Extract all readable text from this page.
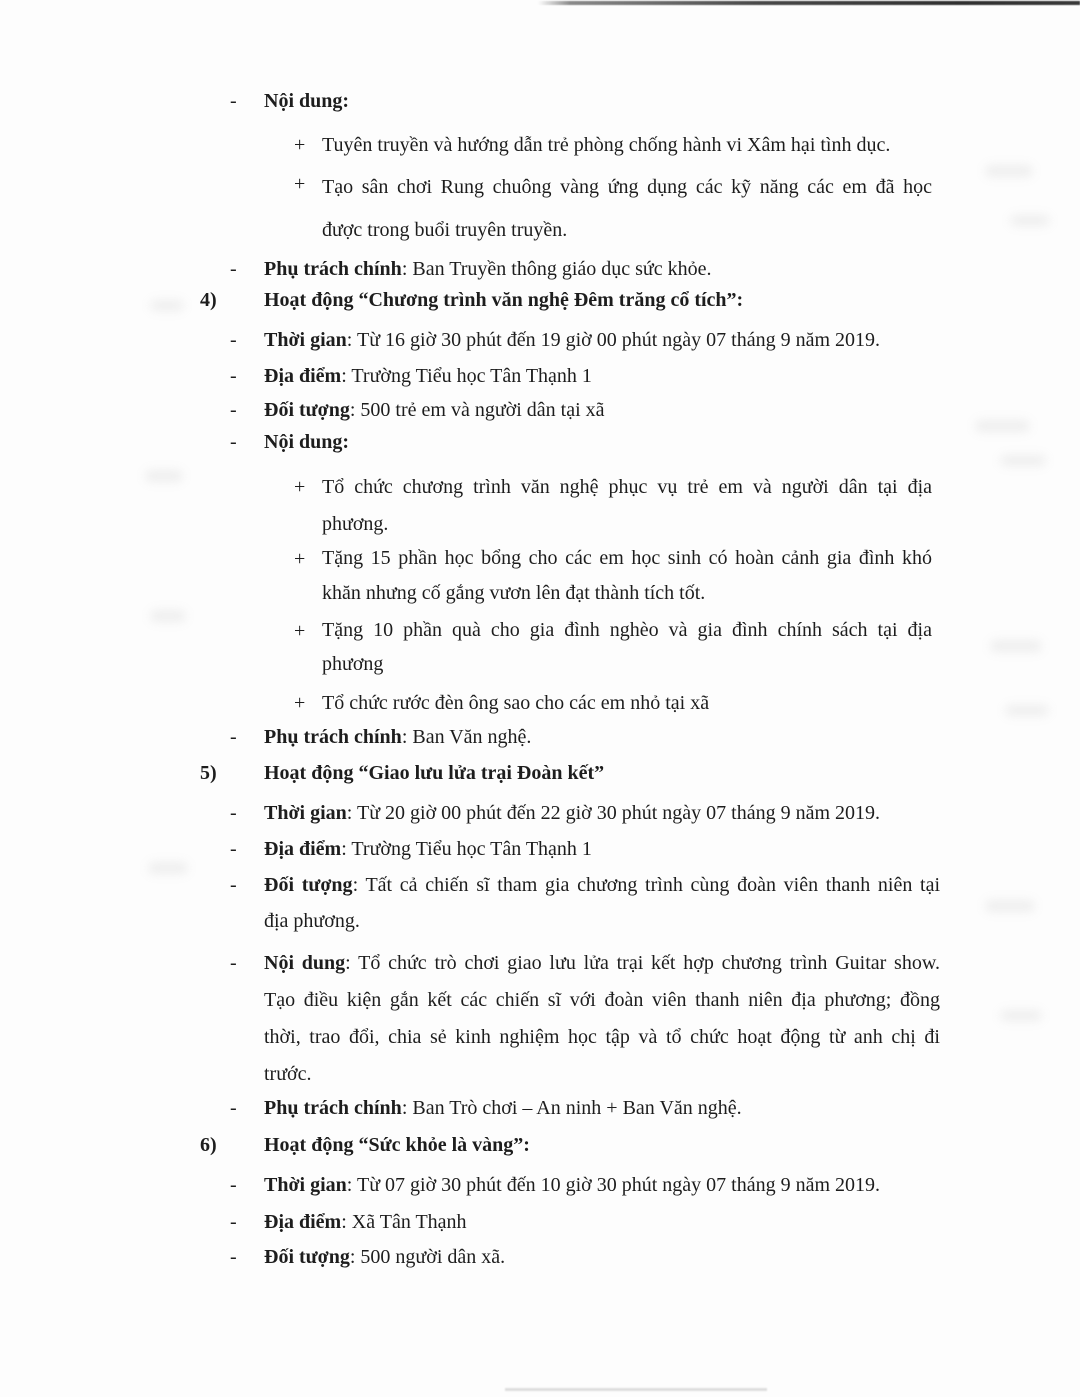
- Nội dung:
+ Tuyên truyền và hướng dẫn trẻ phòng chống hành vi Xâm hại tình dục.
+ Tạo sân chơi Rung chuông vàng ứng dụng các kỹ năng các em đã học
được trong buổi truyên truyền.
- Phụ trách chính: Ban Truyền thông giáo dục sức khỏe.
4) Hoạt động “Chương trình văn nghệ Đêm trăng cổ tích”:
- Thời gian: Từ 16 giờ 30 phút đến 19 giờ 00 phút ngày 07 tháng 9 năm 2019.
- Địa điểm: Trường Tiểu học Tân Thạnh 1
- Đối tượng: 500 trẻ em và người dân tại xã
- Nội dung:
+ Tổ chức chương trình văn nghệ phục vụ trẻ em và người dân tại địa
phương.
+ Tặng 15 phần học bổng cho các em học sinh có hoàn cảnh gia đình khó
khăn nhưng cố gắng vươn lên đạt thành tích tốt.
+ Tặng 10 phần quà cho gia đình nghèo và gia đình chính sách tại địa
phương
+ Tổ chức rước đèn ông sao cho các em nhỏ tại xã
- Phụ trách chính: Ban Văn nghệ.
5) Hoạt động “Giao lưu lửa trại Đoàn kết”
- Thời gian: Từ 20 giờ 00 phút đến 22 giờ 30 phút ngày 07 tháng 9 năm 2019.
- Địa điểm: Trường Tiểu học Tân Thạnh 1
- Đối tượng: Tất cả chiến sĩ tham gia chương trình cùng đoàn viên thanh niên tại
địa phương.
- Nội dung: Tổ chức trò chơi giao lưu lửa trại kết hợp chương trình Guitar show.
Tạo điều kiện gắn kết các chiến sĩ với đoàn viên thanh niên địa phương; đồng
thời, trao đổi, chia sẻ kinh nghiệm học tập và tổ chức hoạt động từ anh chị đi
trước.
- Phụ trách chính: Ban Trò chơi – An ninh + Ban Văn nghệ.
6) Hoạt động “Sức khỏe là vàng”:
- Thời gian: Từ 07 giờ 30 phút đến 10 giờ 30 phút ngày 07 tháng 9 năm 2019.
- Địa điểm: Xã Tân Thạnh
- Đối tượng: 500 người dân xã.
